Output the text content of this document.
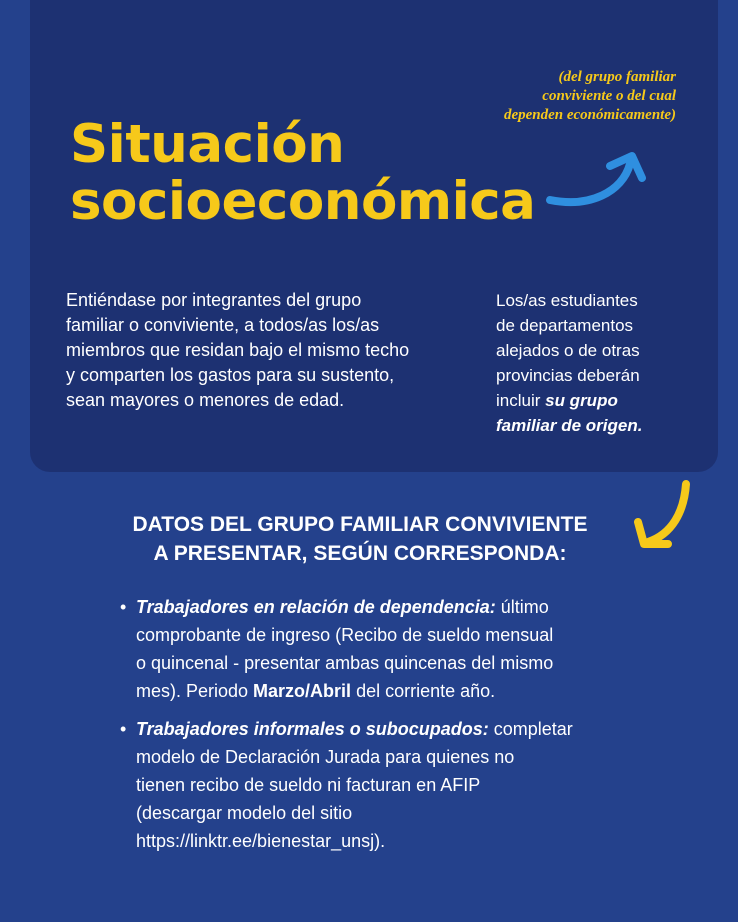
(del grupo familiar
conviviente o del cual
dependen económicamente)
Situación
socioeconómica
Entiéndase por integrantes del grupo
familiar o conviviente, a todos/as los/as
miembros que residan bajo el mismo techo
y comparten los gastos para su sustento,
sean mayores o menores de edad.
Los/as estudiantes
de departamentos
alejados o de otras
provincias deberán
incluir su grupo
familiar de origen.
DATOS DEL GRUPO FAMILIAR CONVIVIENTE
A PRESENTAR, SEGÚN CORRESPONDA:
• Trabajadores en relación de dependencia: último
comprobante de ingreso (Recibo de sueldo mensual
o quincenal - presentar ambas quincenas del mismo
mes). Periodo Marzo/Abril del corriente año.
• Trabajadores informales o subocupados: completar
modelo de Declaración Jurada para quienes no
tienen recibo de sueldo ni facturan en AFIP
(descargar modelo del sitio
https://linktr.ee/bienestar_unsj).
